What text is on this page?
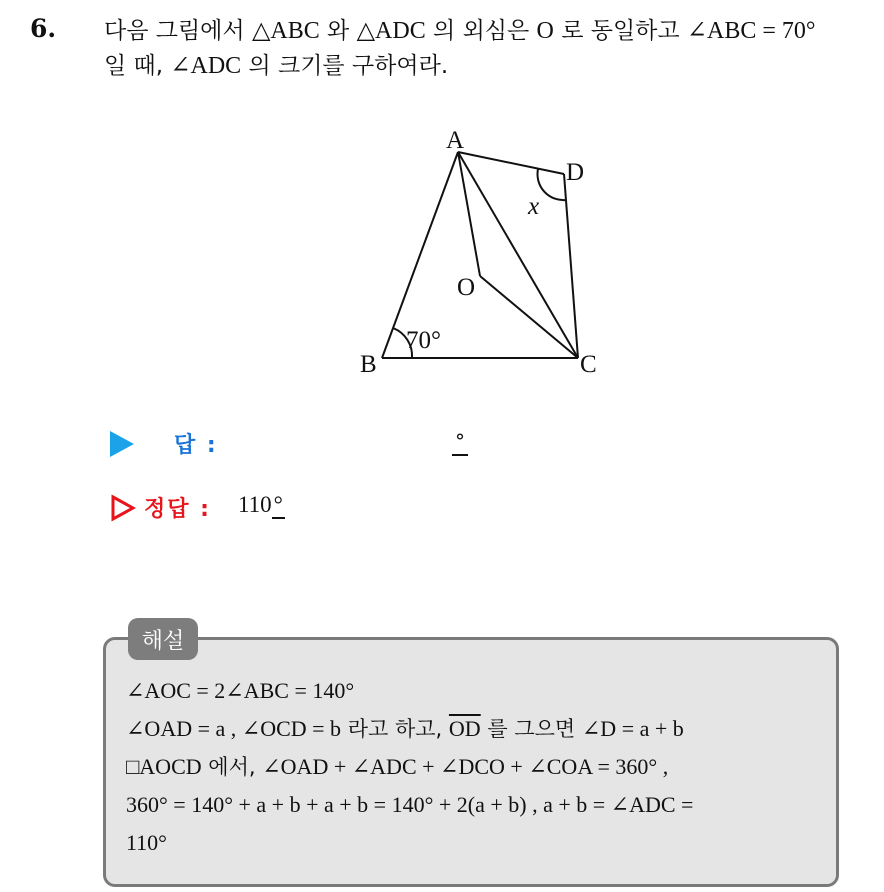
6. 다음 그림에서 △ABC 와 △ADC 의 외심은 O 로 동일하고 ∠ABC = 70°
일 때, ∠ADC 의 크기를 구하여라.
A
B	C
D
O
70°
x
답 :	°
정답 : 110°
해설
∠AOC = 2∠ABC = 140°
∠OAD = a , ∠OCD = b 라고 하고, $\overline{OD}$ 를 그으면 ∠D = a + b
□AOCD 에서, ∠OAD + ∠ADC + ∠DCO + ∠COA = 360° ,
360° = 140° + a + b + a + b = 140° + 2(a + b) , a + b = ∠ADC =
110°
